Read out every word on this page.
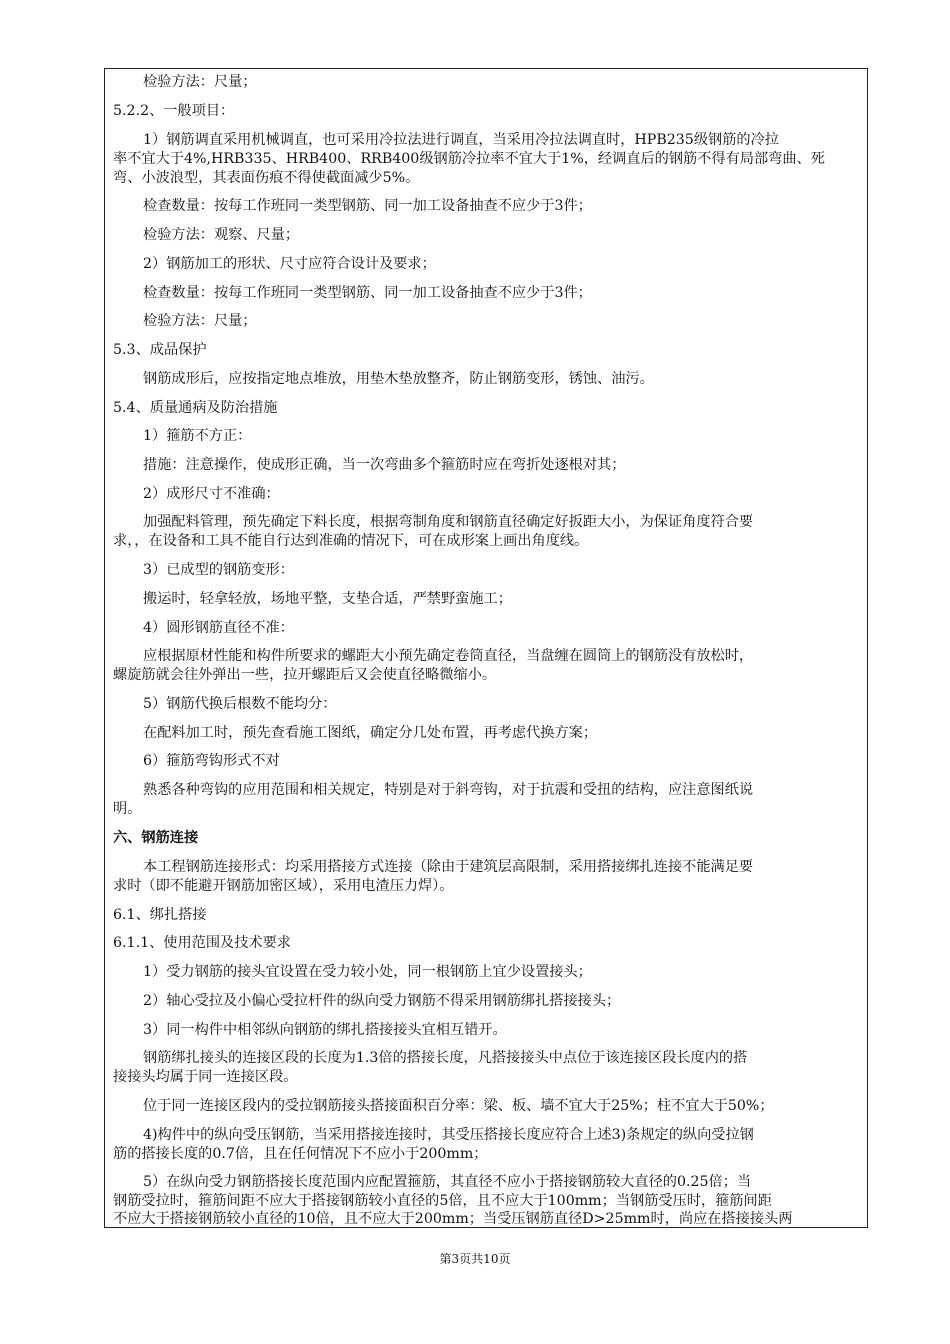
检验方法：尺量；
5.2.2、一般项目：
1）钢筋调直采用机械调直，也可采用冷拉法进行调直，当采用冷拉法调直时，HPB235级钢筋的冷拉
率不宜大于4%,HRB335、HRB400、RRB400级钢筋冷拉率不宜大于1%，经调直后的钢筋不得有局部弯曲、死
弯、小波浪型，其表面伤痕不得使截面减少5%。
检查数量：按每工作班同一类型钢筋、同一加工设备抽查不应少于3件；
检验方法：观察、尺量；
2）钢筋加工的形状、尺寸应符合设计及要求；
检查数量：按每工作班同一类型钢筋、同一加工设备抽查不应少于3件；
检验方法：尺量；
5.3、成品保护
钢筋成形后，应按指定地点堆放，用垫木垫放整齐，防止钢筋变形，锈蚀、油污。
5.4、质量通病及防治措施
1）箍筋不方正：
措施：注意操作，使成形正确，当一次弯曲多个箍筋时应在弯折处逐根对其；
2）成形尺寸不准确：
加强配料管理，预先确定下料长度，根据弯制角度和钢筋直径确定好扳距大小，为保证角度符合要
求，，在设备和工具不能自行达到准确的情况下，可在成形案上画出角度线。
3）已成型的钢筋变形：
搬运时，轻拿轻放，场地平整，支垫合适，严禁野蛮施工；
4）圆形钢筋直径不准：
应根据原材性能和构件所要求的螺距大小预先确定卷筒直径，当盘缠在圆筒上的钢筋没有放松时，
螺旋筋就会往外弹出一些，拉开螺距后又会使直径略微缩小。
5）钢筋代换后根数不能均分：
在配料加工时，预先查看施工图纸，确定分几处布置，再考虑代换方案；
6）箍筋弯钩形式不对
熟悉各种弯钩的应用范围和相关规定，特别是对于斜弯钩，对于抗震和受扭的结构，应注意图纸说
明。
六、钢筋连接
本工程钢筋连接形式：均采用搭接方式连接（除由于建筑层高限制，采用搭接绑扎连接不能满足要
求时（即不能避开钢筋加密区域），采用电渣压力焊）。
6.1、绑扎搭接
6.1.1、使用范围及技术要求
1）受力钢筋的接头宜设置在受力较小处，同一根钢筋上宜少设置接头；
2）轴心受拉及小偏心受拉杆件的纵向受力钢筋不得采用钢筋绑扎搭接接头；
3）同一构件中相邻纵向钢筋的绑扎搭接接头宜相互错开。
钢筋绑扎接头的连接区段的长度为1.3倍的搭接长度，凡搭接接头中点位于该连接区段长度内的搭
接接头均属于同一连接区段。
位于同一连接区段内的受拉钢筋接头搭接面积百分率：梁、板、墙不宜大于25%；柱不宜大于50%；
4)构件中的纵向受压钢筋，当采用搭接连接时，其受压搭接长度应符合上述3)条规定的纵向受拉钢
筋的搭接长度的0.7倍，且在任何情况下不应小于200mm；
5）在纵向受力钢筋搭接长度范围内应配置箍筋，其直径不应小于搭接钢筋较大直径的0.25倍；当
钢筋受拉时，箍筋间距不应大于搭接钢筋较小直径的5倍，且不应大于100mm；当钢筋受压时，箍筋间距
不应大于搭接钢筋较小直径的10倍，且不应大于200mm；当受压钢筋直径D>25mm时，尚应在搭接接头两
第3页共10页
